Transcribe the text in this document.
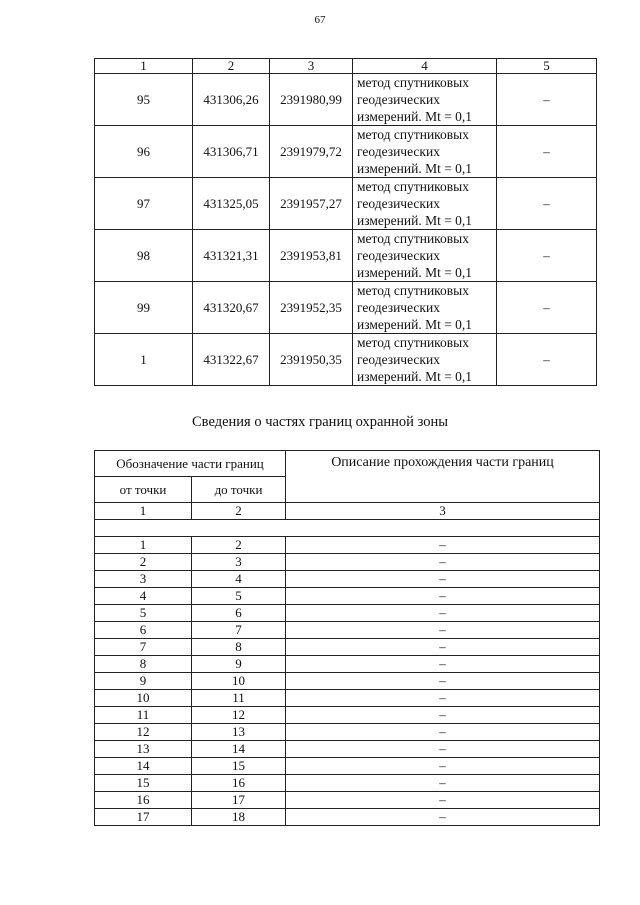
67
1	2	3	4	5
95	431306,26	2391980,99	метод спутниковых
геодезических
измерений. Mt = 0,1	–
96	431306,71	2391979,72	метод спутниковых
геодезических
измерений. Mt = 0,1	–
97	431325,05	2391957,27	метод спутниковых
геодезических
измерений. Mt = 0,1	–
98	431321,31	2391953,81	метод спутниковых
геодезических
измерений. Mt = 0,1	–
99	431320,67	2391952,35	метод спутниковых
геодезических
измерений. Mt = 0,1	–
1	431322,67	2391950,35	метод спутниковых
геодезических
измерений. Mt = 0,1	–
Сведения о частях границ охранной зоны
Обозначение части границ		Описание прохождения части границ
от точки	до точки	
1	2	3

1	2	–
2	3	–
3	4	–
4	5	–
5	6	–
6	7	–
7	8	–
8	9	–
9	10	–
10	11	–
11	12	–
12	13	–
13	14	–
14	15	–
15	16	–
16	17	–
17	18	–
